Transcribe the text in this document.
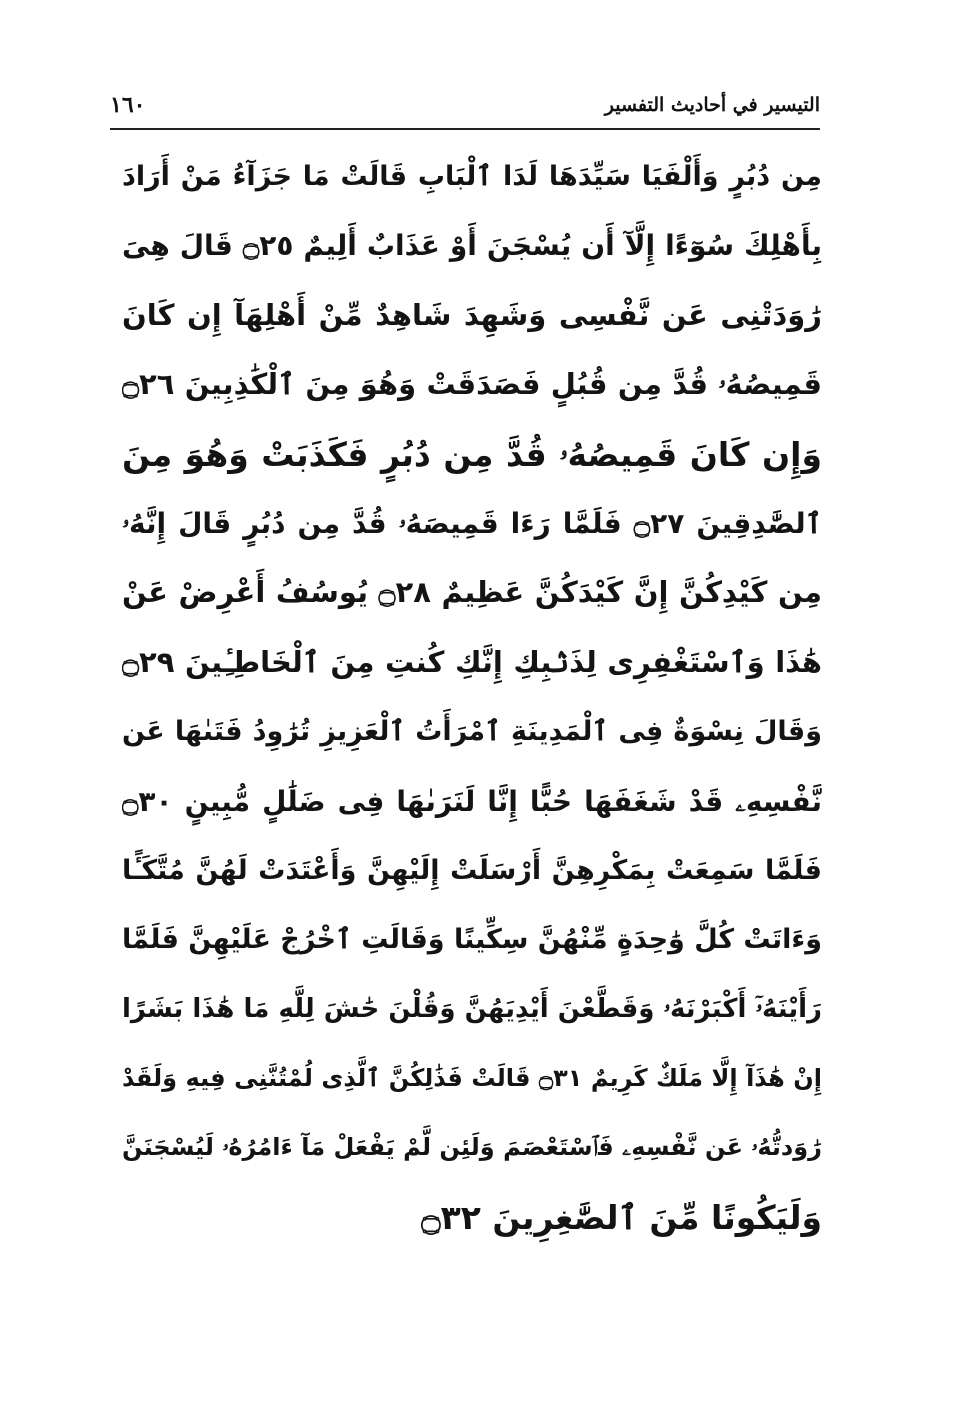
التيسير في أحاديث التفسير
١٦٠
مِن دُبُرٍ وَأَلْفَيَا سَيِّدَهَا لَدَا ٱلْبَابِ قَالَتْ مَا جَزَآءُ مَنْ أَرَادَ
بِأَهْلِكَ سُوٓءًا إِلَّآ أَن يُسْجَنَ أَوْ عَذَابٌ أَلِيمٌ ۝٢٥ قَالَ هِىَ
رَٰوَدَتْنِى عَن نَّفْسِى وَشَهِدَ شَاهِدٌ مِّنْ أَهْلِهَآ إِن كَانَ
قَمِيصُهُۥ قُدَّ مِن قُبُلٍ فَصَدَقَتْ وَهُوَ مِنَ ٱلْكَٰذِبِينَ ۝٢٦
وَإِن كَانَ قَمِيصُهُۥ قُدَّ مِن دُبُرٍ فَكَذَبَتْ وَهُوَ مِنَ
ٱلصَّٰدِقِينَ ۝٢٧ فَلَمَّا رَءَا قَمِيصَهُۥ قُدَّ مِن دُبُرٍ قَالَ إِنَّهُۥ
مِن كَيْدِكُنَّ إِنَّ كَيْدَكُنَّ عَظِيمٌ ۝٢٨ يُوسُفُ أَعْرِضْ عَنْ
هَٰذَا وَٱسْتَغْفِرِى لِذَنۢبِكِ إِنَّكِ كُنتِ مِنَ ٱلْخَاطِـِٔينَ ۝٢٩
وَقَالَ نِسْوَةٌ فِى ٱلْمَدِينَةِ ٱمْرَأَتُ ٱلْعَزِيزِ تُرَٰوِدُ فَتَىٰهَا عَن
نَّفْسِهِۦ قَدْ شَغَفَهَا حُبًّا إِنَّا لَنَرَىٰهَا فِى ضَلَٰلٍ مُّبِينٍ ۝٣٠
فَلَمَّا سَمِعَتْ بِمَكْرِهِنَّ أَرْسَلَتْ إِلَيْهِنَّ وَأَعْتَدَتْ لَهُنَّ مُتَّكَـًٔا
وَءَاتَتْ كُلَّ وَٰحِدَةٍ مِّنْهُنَّ سِكِّينًا وَقَالَتِ ٱخْرُجْ عَلَيْهِنَّ فَلَمَّا
رَأَيْنَهُۥٓ أَكْبَرْنَهُۥ وَقَطَّعْنَ أَيْدِيَهُنَّ وَقُلْنَ حَٰشَ لِلَّهِ مَا هَٰذَا بَشَرًا
إِنْ هَٰذَآ إِلَّا مَلَكٌ كَرِيمٌ ۝٣١ قَالَتْ فَذَٰلِكُنَّ ٱلَّذِى لُمْتُنَّنِى فِيهِ وَلَقَدْ
رَٰوَدتُّهُۥ عَن نَّفْسِهِۦ فَٱسْتَعْصَمَ وَلَئِن لَّمْ يَفْعَلْ مَآ ءَامُرُهُۥ لَيُسْجَنَنَّ
وَلَيَكُونًا مِّنَ ٱلصَّٰغِرِينَ ۝٣٢
